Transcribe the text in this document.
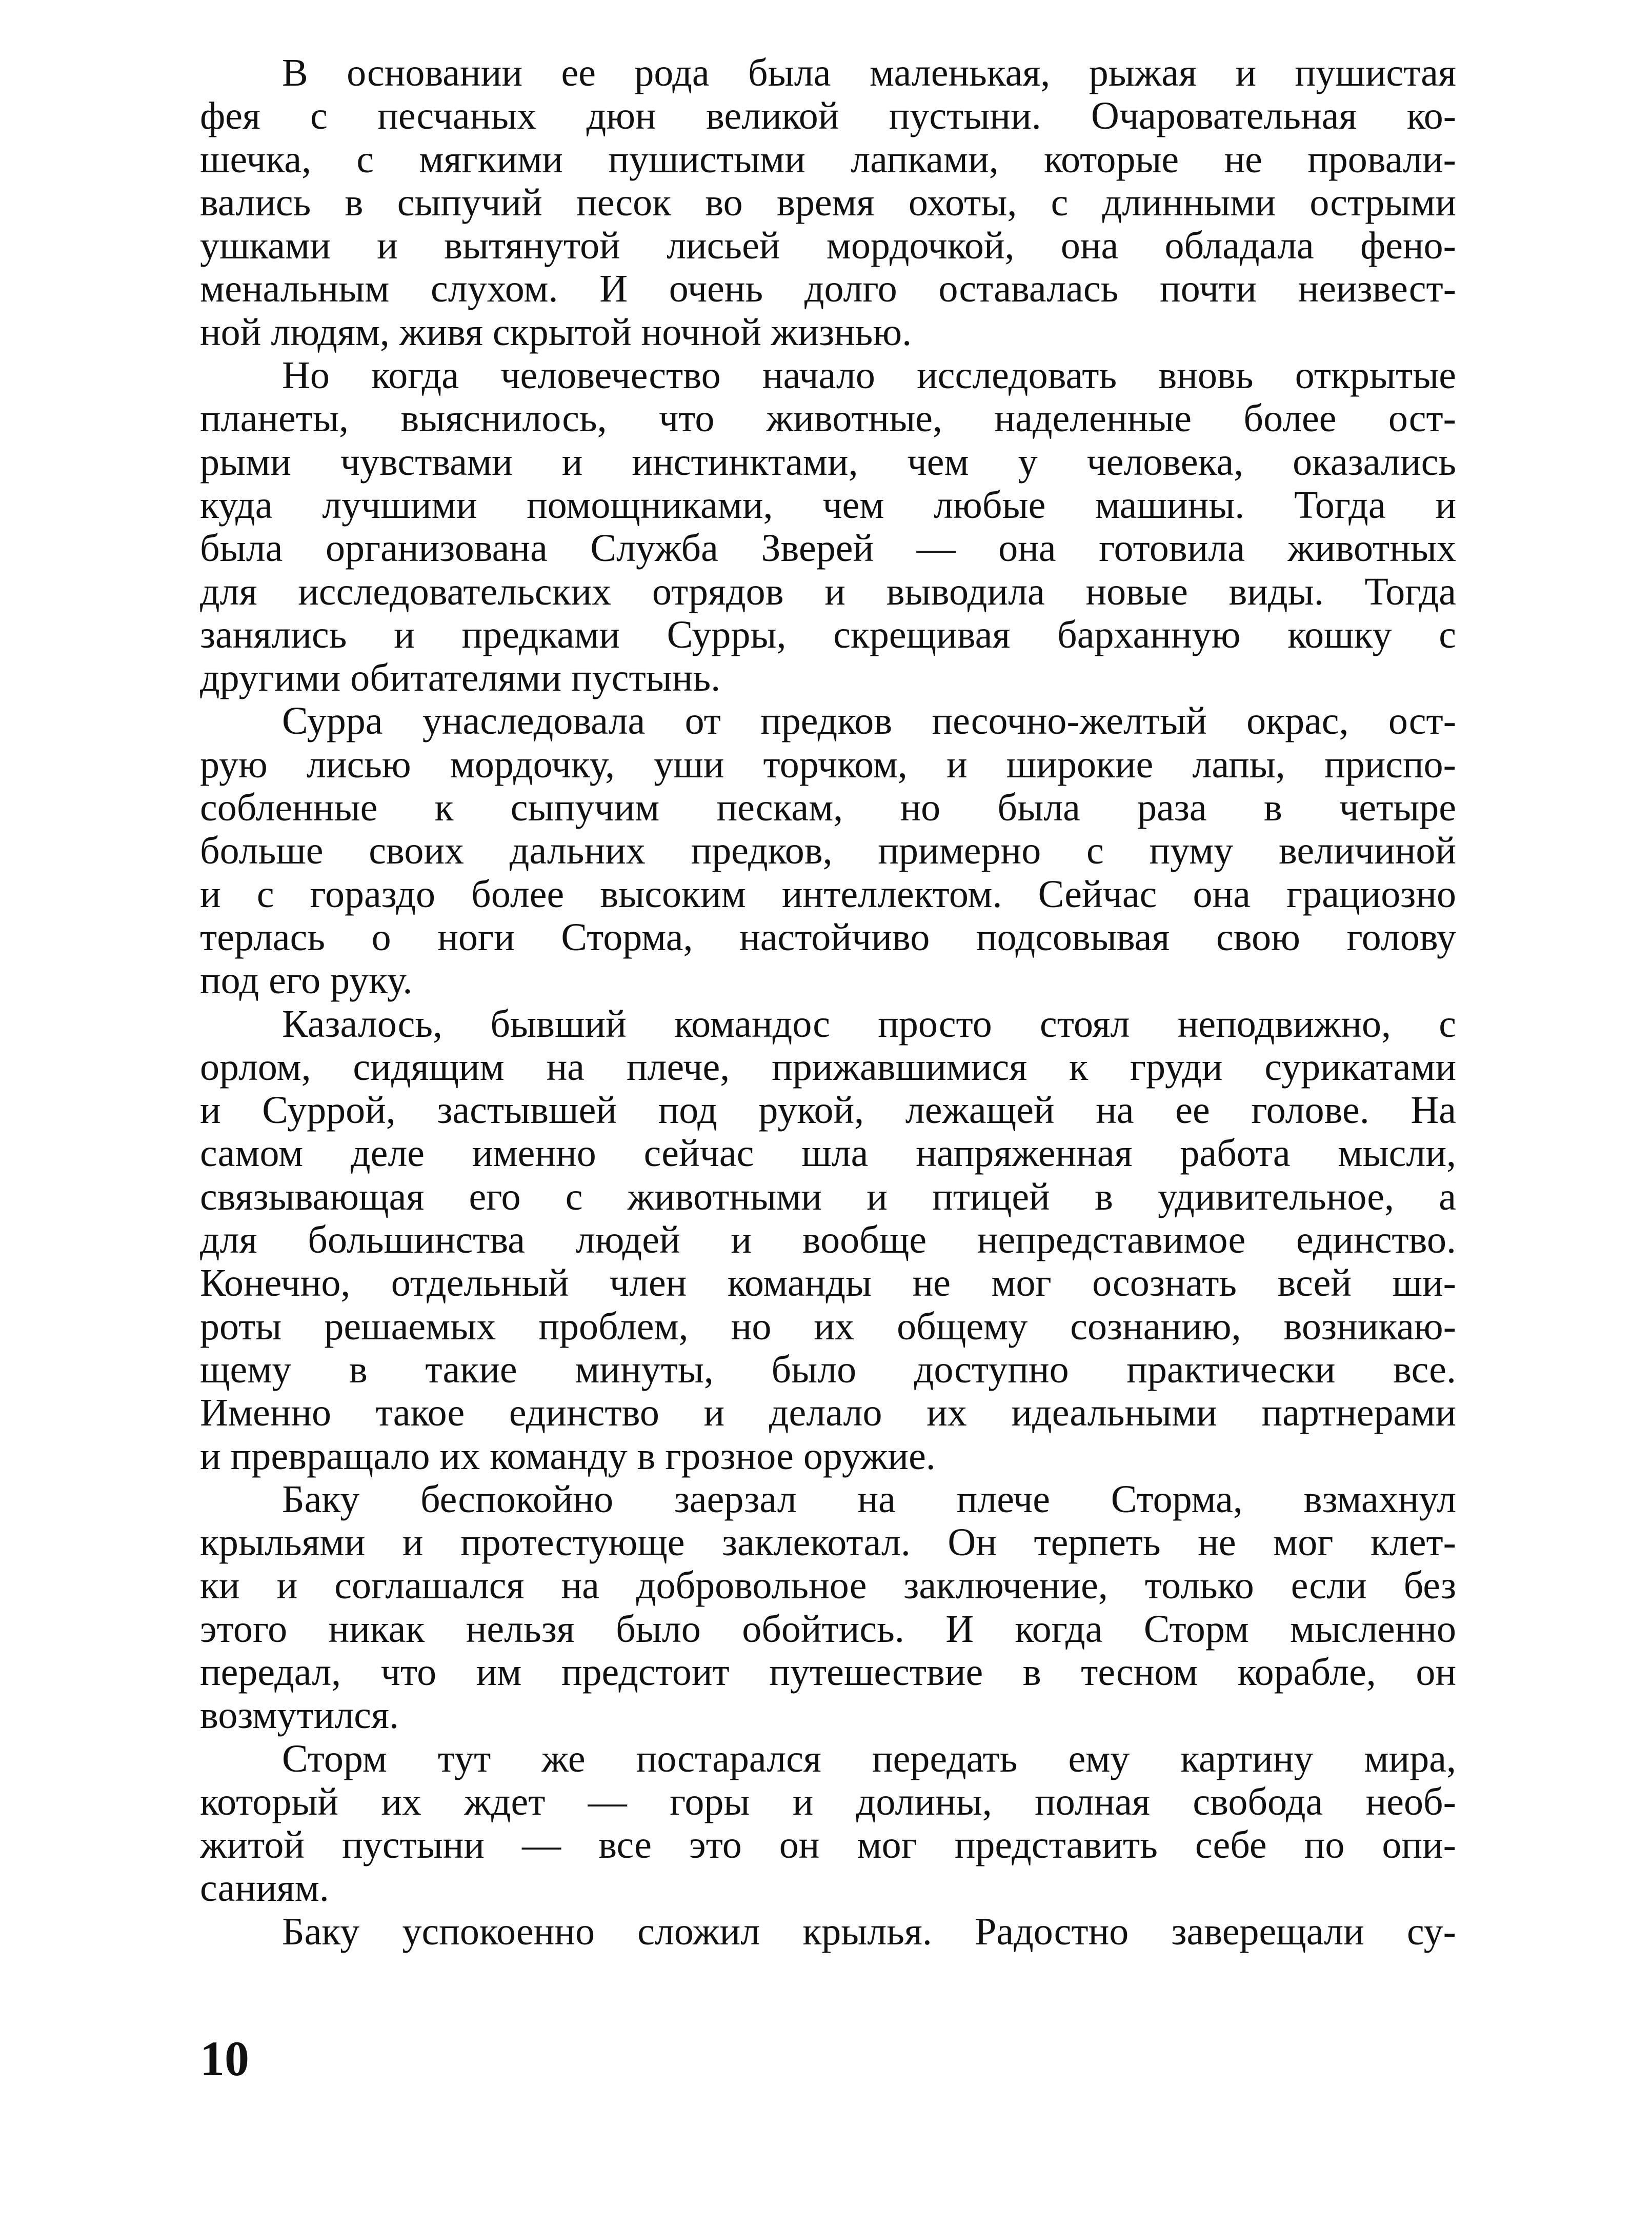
В основании ее рода была маленькая, рыжая и пушистая
фея с песчаных дюн великой пустыни. Очаровательная ко-
шечка, с мягкими пушистыми лапками, которые не провали-
вались в сыпучий песок во время охоты, с длинными острыми
ушками и вытянутой лисьей мордочкой, она обладала фено-
менальным слухом. И очень долго оставалась почти неизвест-
ной людям, живя скрытой ночной жизнью.
Но когда человечество начало исследовать вновь открытые
планеты, выяснилось, что животные, наделенные более ост-
рыми чувствами и инстинктами, чем у человека, оказались
куда лучшими помощниками, чем любые машины. Тогда и
была организована Служба Зверей — она готовила животных
для исследовательских отрядов и выводила новые виды. Тогда
занялись и предками Сурры, скрещивая барханную кошку с
другими обитателями пустынь.
Сурра унаследовала от предков песочно-желтый окрас, ост-
рую лисью мордочку, уши торчком, и широкие лапы, приспо-
собленные к сыпучим пескам, но была раза в четыре
больше своих дальних предков, примерно с пуму величиной
и с гораздо более высоким интеллектом. Сейчас она грациозно
терлась о ноги Сторма, настойчиво подсовывая свою голову
под его руку.
Казалось, бывший командос просто стоял неподвижно, с
орлом, сидящим на плече, прижавшимися к груди сурикатами
и Суррой, застывшей под рукой, лежащей на ее голове. На
самом деле именно сейчас шла напряженная работа мысли,
связывающая его с животными и птицей в удивительное, а
для большинства людей и вообще непредставимое единство.
Конечно, отдельный член команды не мог осознать всей ши-
роты решаемых проблем, но их общему сознанию, возникаю-
щему в такие минуты, было доступно практически все.
Именно такое единство и делало их идеальными партнерами
и превращало их команду в грозное оружие.
Баку беспокойно заерзал на плече Сторма, взмахнул
крыльями и протестующе заклекотал. Он терпеть не мог клет-
ки и соглашался на добровольное заключение, только если без
этого никак нельзя было обойтись. И когда Сторм мысленно
передал, что им предстоит путешествие в тесном корабле, он
возмутился.
Сторм тут же постарался передать ему картину мира,
который их ждет — горы и долины, полная свобода необ-
житой пустыни — все это он мог представить себе по опи-
саниям.
Баку успокоенно сложил крылья. Радостно заверещали су-
10
